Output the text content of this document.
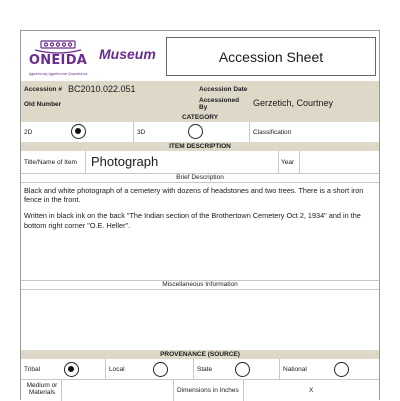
ONEIDA
Ągwehu:we̲ Ągwehu:we Ǫnyota'a:ka
Museum	Accession Sheet
Accession # BC2010.022.051	Accession Date
Old Number
Accessioned By	Gerzetich, Courtney
CATEGORY
2D	3D	Classification
ITEM DESCRIPTION
Title/Name of Item Photograph	Year
Brief Description

Black and white photograph of a cemetery with dozens of headstones and two trees. There is a short iron fence in the front.

Written in black ink on the back "The Indian section of the Brothertown Cemetery Oct 2, 1934" and in the bottom right corner "O.E. Heller".

Miscellaneous Information
PROVENANCE (SOURCE)
Tribal	Local	State	National
Medium or Materials	Dimensions in Inches	X
